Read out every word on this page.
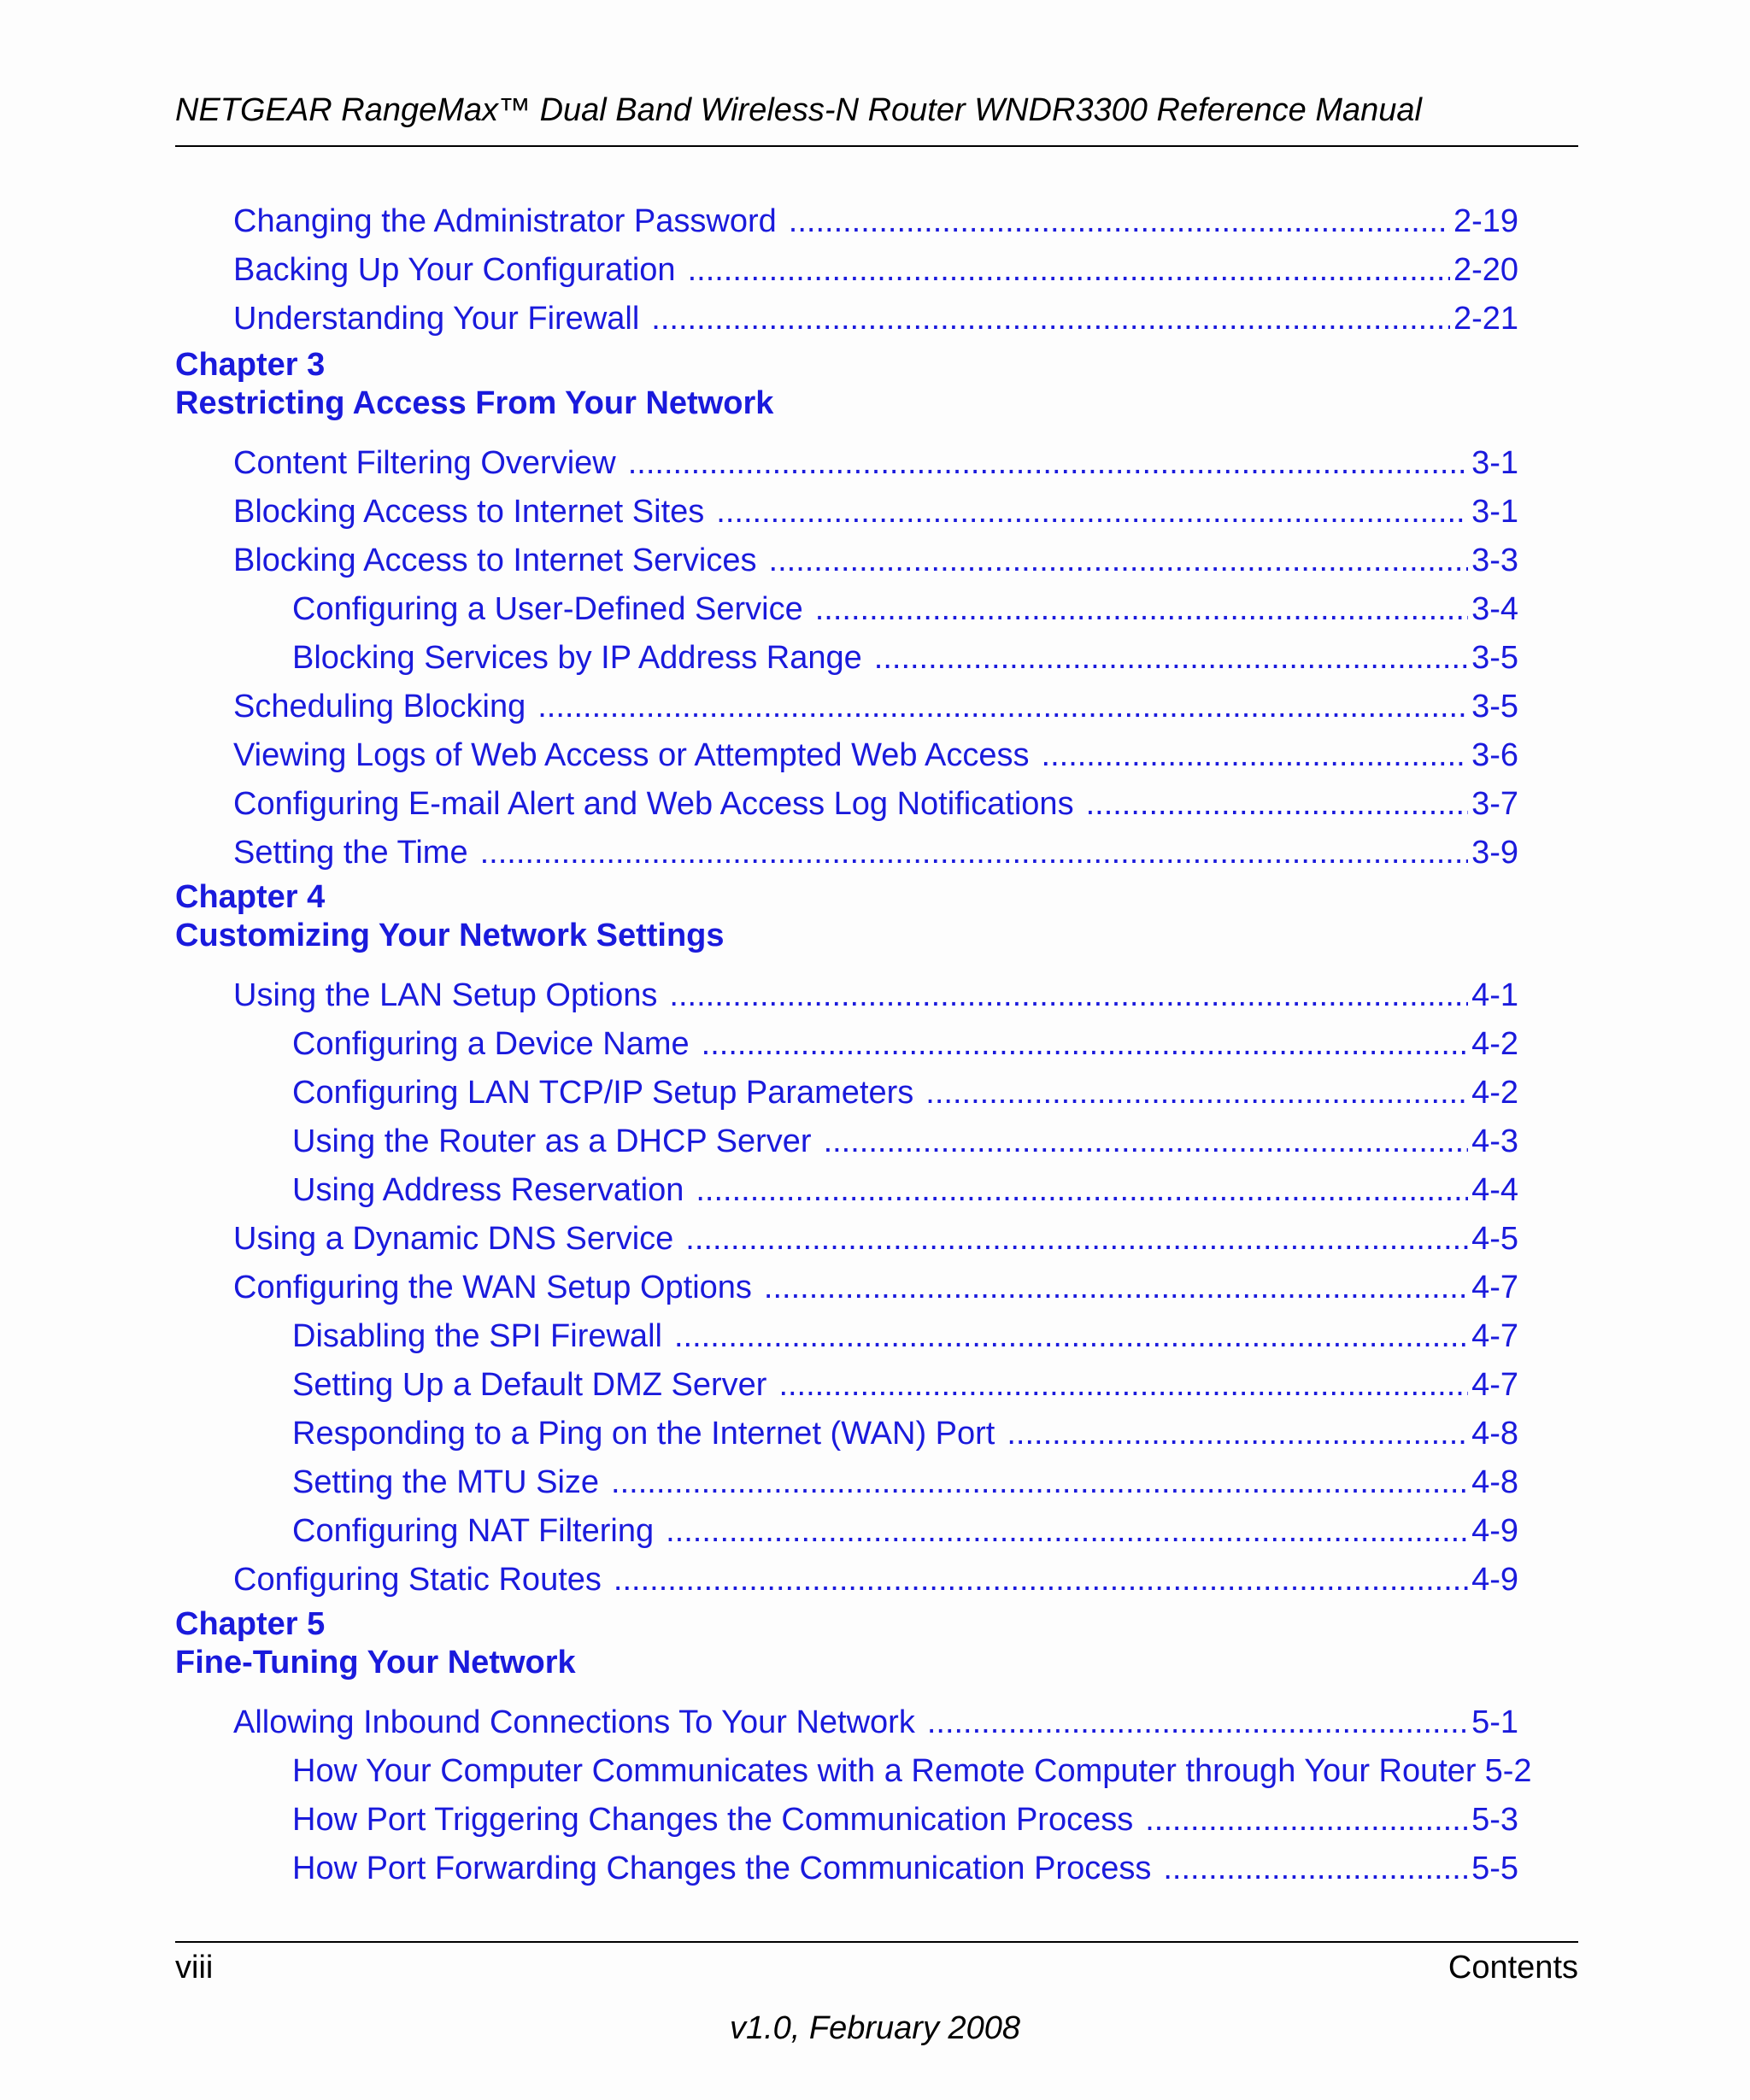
NETGEAR RangeMax™ Dual Band Wireless-N Router WNDR3300 Reference Manual
Changing the Administrator Password .....	2-19
Backing Up Your Configuration .....	2-20
Understanding Your Firewall .....	2-21
Chapter 3
Restricting Access From Your Network
Content Filtering Overview .....	3-1
Blocking Access to Internet Sites .....	3-1
Blocking Access to Internet Services .....	3-3
Configuring a User-Defined Service .....	3-4
Blocking Services by IP Address Range .....	3-5
Scheduling Blocking .....	3-5
Viewing Logs of Web Access or Attempted Web Access .....	3-6
Configuring E-mail Alert and Web Access Log Notifications .....	3-7
Setting the Time .....	3-9
Chapter 4
Customizing Your Network Settings
Using the LAN Setup Options .....	4-1
Configuring a Device Name .....	4-2
Configuring LAN TCP/IP Setup Parameters .....	4-2
Using the Router as a DHCP Server .....	4-3
Using Address Reservation .....	4-4
Using a Dynamic DNS Service .....	4-5
Configuring the WAN Setup Options .....	4-7
Disabling the SPI Firewall .....	4-7
Setting Up a Default DMZ Server .....	4-7
Responding to a Ping on the Internet (WAN) Port .....	4-8
Setting the MTU Size .....	4-8
Configuring NAT Filtering .....	4-9
Configuring Static Routes .....	4-9
Chapter 5
Fine-Tuning Your Network
Allowing Inbound Connections To Your Network .....	5-1
How Your Computer Communicates with a Remote Computer through Your Router 5-2
How Port Triggering Changes the Communication Process .....	5-3
How Port Forwarding Changes the Communication Process .....	5-5
viii	Contents
v1.0, February 2008
